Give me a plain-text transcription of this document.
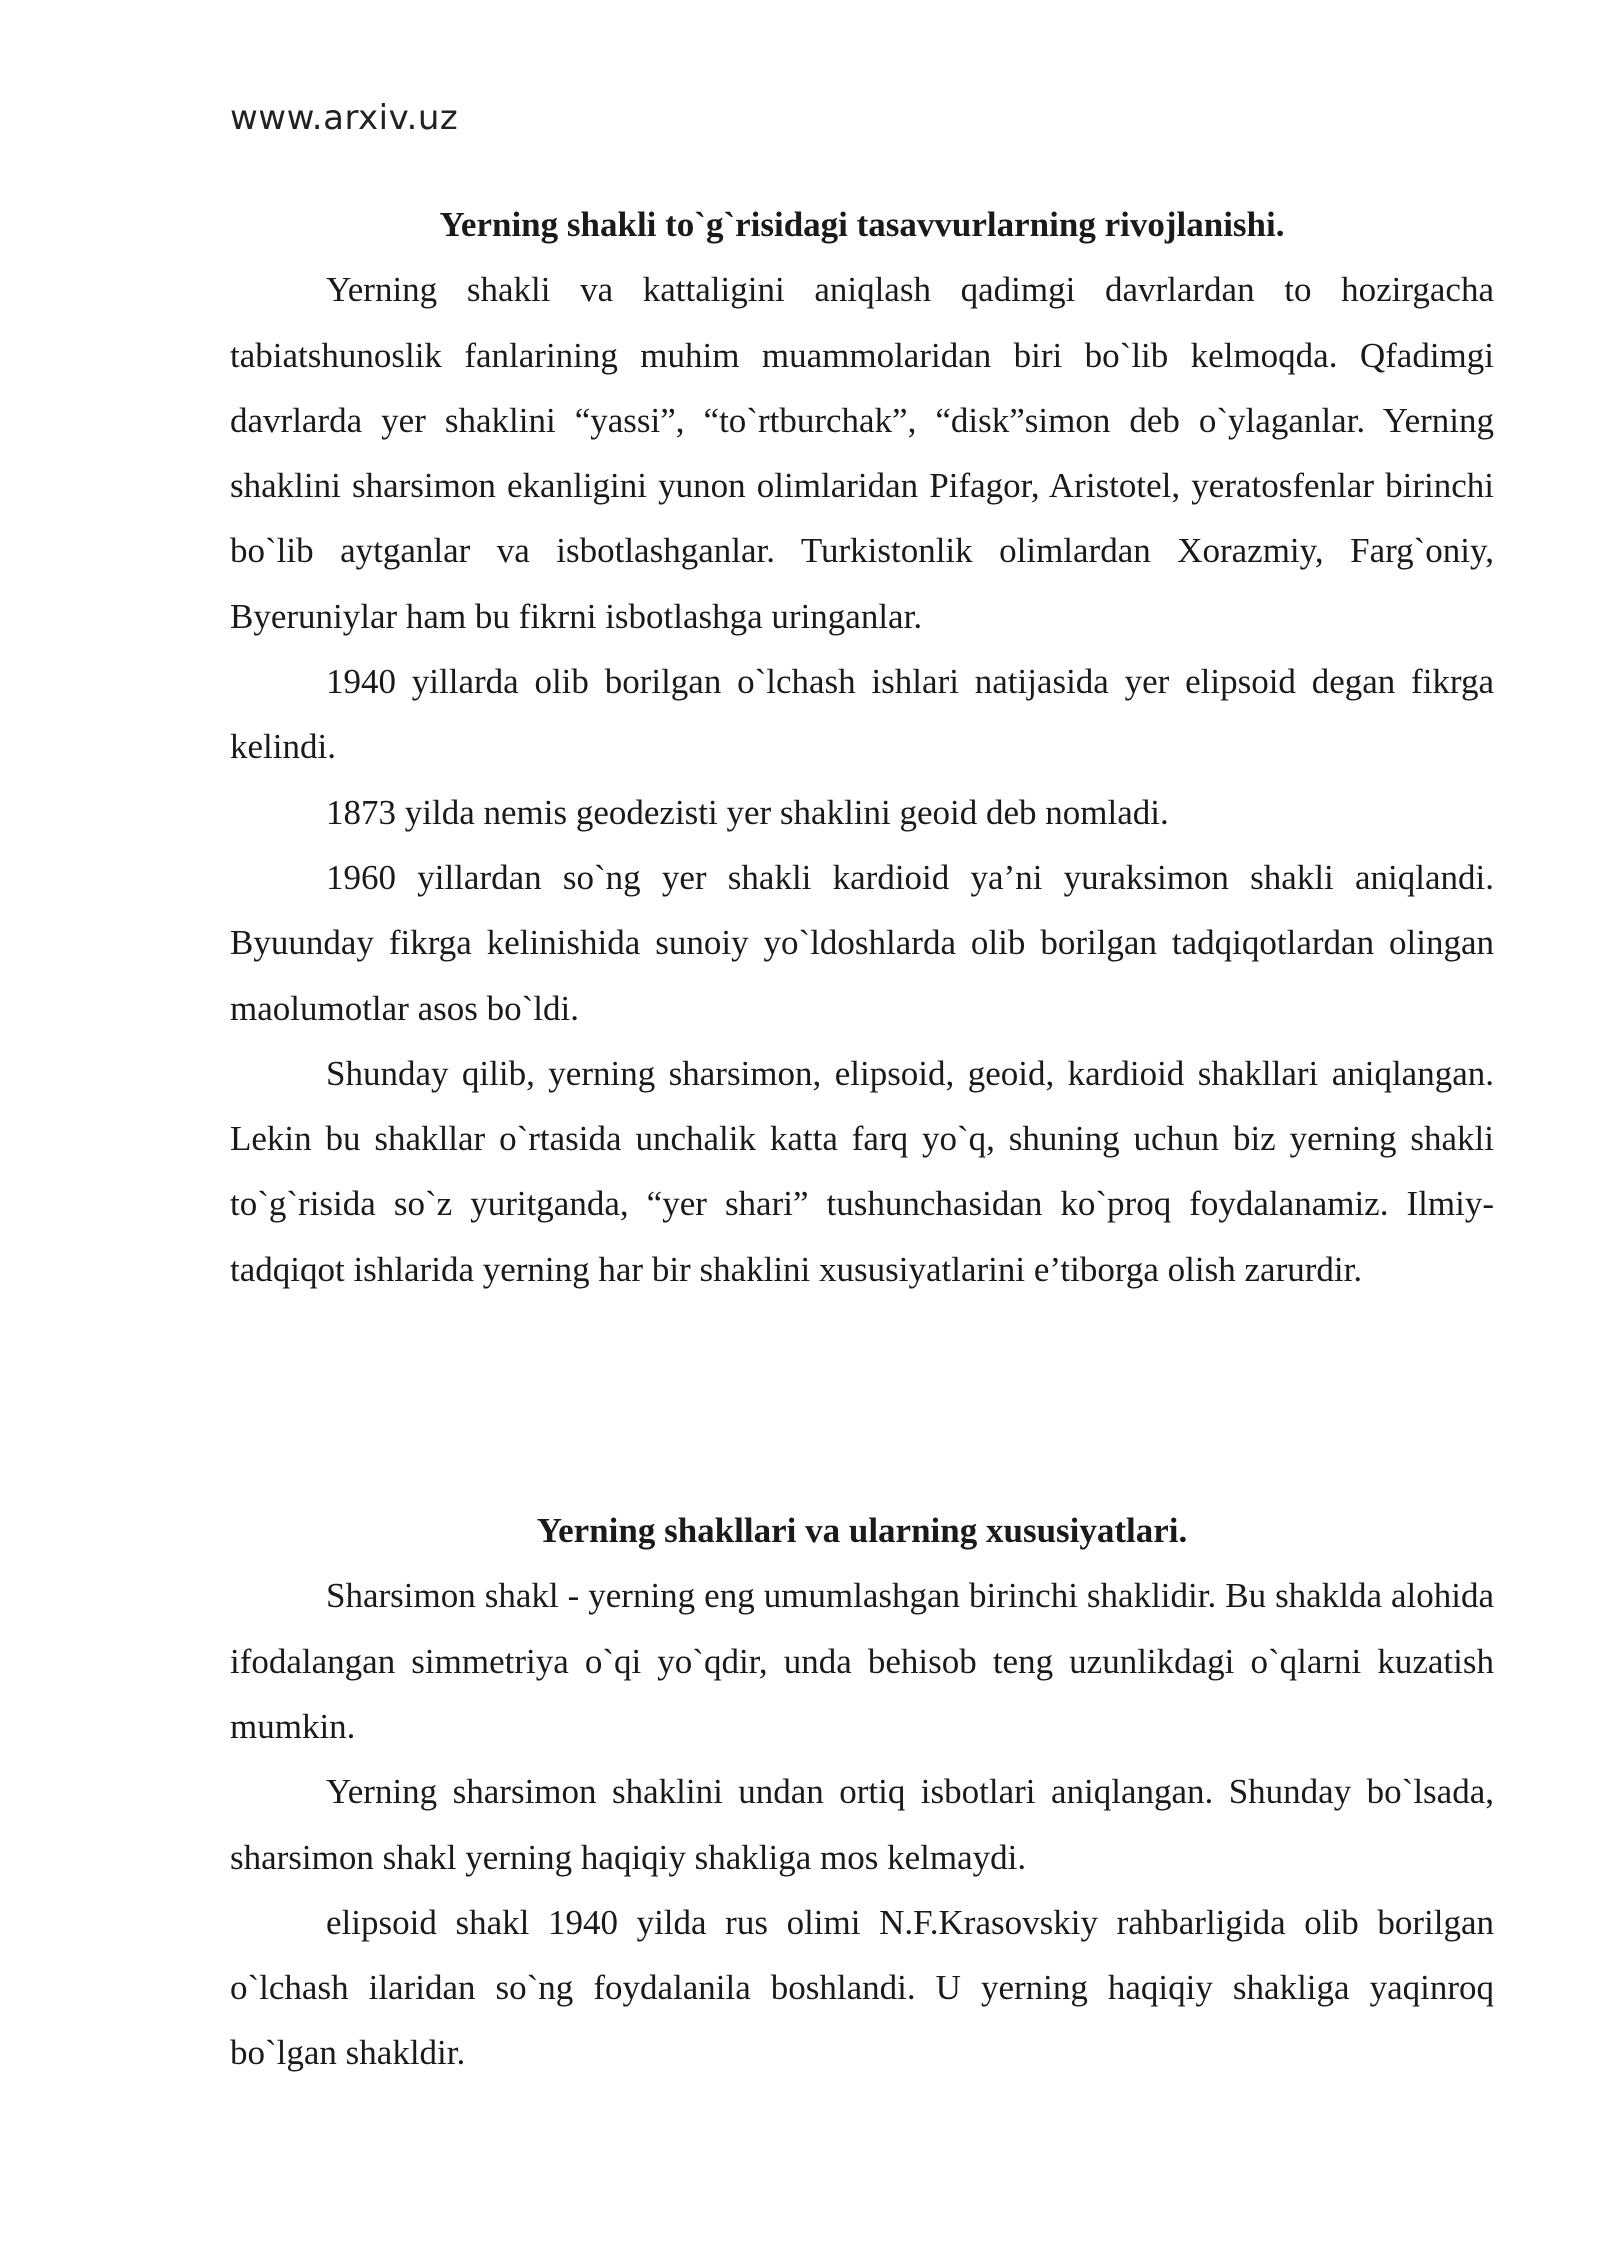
www.arxiv.uz

Yerning shakli to`g`risidagi tasavvurlarning rivojlanishi.

Yerning shakli va kattaligini aniqlash qadimgi davrlardan to hozirgacha tabiatshunoslik fanlarining muhim muammolaridan biri bo`lib kelmoqda. Qfadimgi davrlarda yer shaklini “yassi”, “to`rtburchak”, “disk”simon deb o`ylaganlar. Yerning shaklini sharsimon ekanligini yunon olimlaridan Pifagor, Aristotel, yeratosfenlar birinchi bo`lib aytganlar va isbotlashganlar. Turkistonlik olimlardan Xorazmiy, Farg`oniy, Byeruniylar ham bu fikrni isbotlashga uringanlar.

1940 yillarda olib borilgan o`lchash ishlari natijasida yer elipsoid degan fikrga kelindi.

1873 yilda nemis geodezisti yer shaklini geoid deb nomladi.

1960 yillardan so`ng yer shakli kardioid ya’ni yuraksimon shakli aniqlandi. Byuunday fikrga kelinishida sunoiy yo`ldoshlarda olib borilgan tadqiqotlardan olingan maolumotlar asos bo`ldi.

Shunday qilib, yerning sharsimon, elipsoid, geoid, kardioid shakllari aniqlangan. Lekin bu shakllar o`rtasida unchalik katta farq yo`q, shuning uchun biz yerning shakli to`g`risida so`z yuritganda, “yer shari” tushunchasidan ko`proq foydalanamiz. Ilmiy-tadqiqot ishlarida yerning har bir shaklini xususiyatlarini e’tiborga olish zarurdir.

Yerning shakllari va ularning xususiyatlari.

Sharsimon shakl - yerning eng umumlashgan birinchi shaklidir. Bu shaklda alohida ifodalangan simmetriya o`qi yo`qdir, unda behisob teng uzunlikdagi o`qlarni kuzatish mumkin.

Yerning sharsimon shaklini undan ortiq isbotlari aniqlangan. Shunday bo`lsada, sharsimon shakl yerning haqiqiy shakliga mos kelmaydi.

elipsoid shakl 1940 yilda rus olimi N.F.Krasovskiy rahbarligida olib borilgan o`lchash ilaridan so`ng foydalanila boshlandi. U yerning haqiqiy shakliga yaqinroq bo`lgan shakldir.
